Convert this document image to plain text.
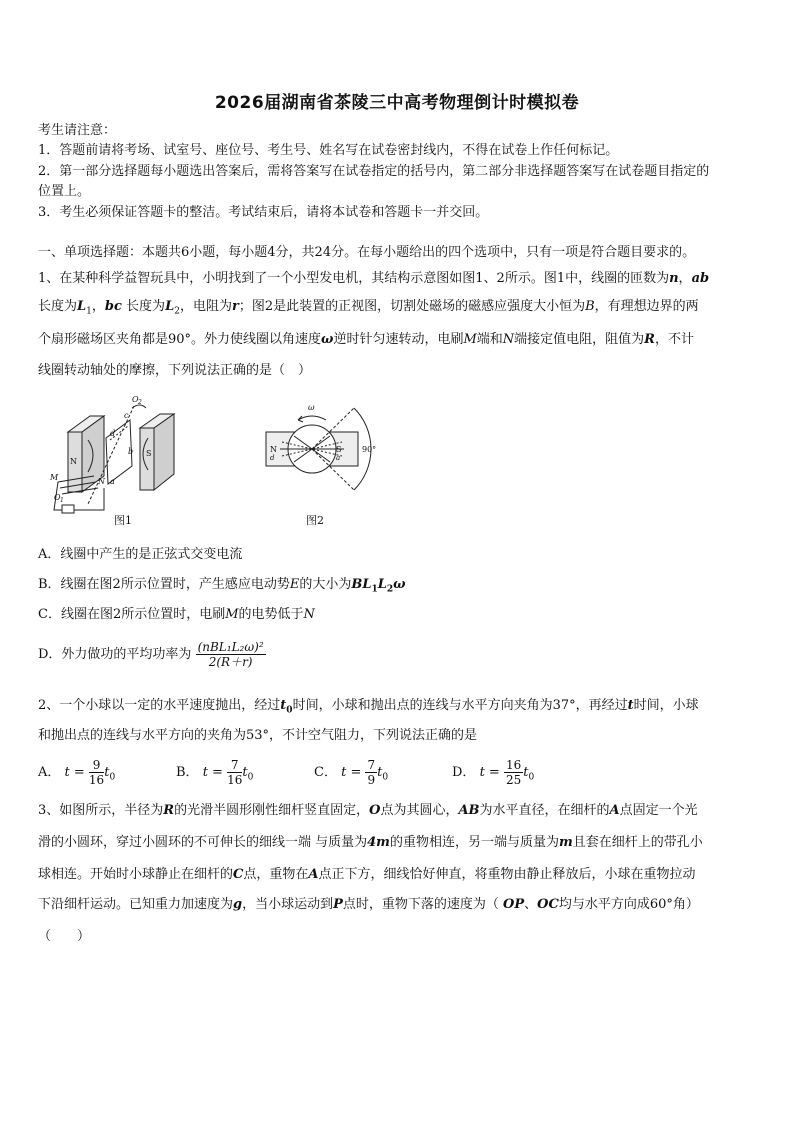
2026届湖南省茶陵三中高考物理倒计时模拟卷
考生请注意：
1．答题前请将考场、试室号、座位号、考生号、姓名写在试卷密封线内，不得在试卷上作任何标记。
2．第一部分选择题每小题选出答案后，需将答案写在试卷指定的括号内，第二部分非选择题答案写在试卷题目指定的
位置上。
3．考生必须保证答题卡的整洁。考试结束后，请将本试卷和答题卡一并交回。
一、单项选择题：本题共6小题，每小题4分，共24分。在每小题给出的四个选项中，只有一项是符合题目要求的。
1、在某种科学益智玩具中，小明找到了一个小型发电机，其结构示意图如图1、2所示。图1中，线圈的匝数为n，ab
长度为$L_1$，bc 长度为$L_2$，电阻为r；图2是此装置的正视图，切割处磁场的磁感应强度大小恒为B，有理想边界的两
个扇形磁场区夹角都是90°。外力使线圈以角速度ω逆时针匀速转动，电刷M端和N端接定值电阻，阻值为R，不计
线圈转动轴处的摩擦，下列说法正确的是（　）
O 2
N
S
c
d
b
a
M	N
O 1
图1
N
d
S
a
90°
ω
图2
A．线圈中产生的是正弦式交变电流
B．线圈在图2所示位置时，产生感应电动势E的大小为$BL_1L_2\omega$
C．线圈在图2所示位置时，电刷M的电势低于N
D．外力做功的平均功率为 $\frac{\text{(nBL₁L₂ω)²}}{2(R+r)}$
2、一个小球以一定的水平速度抛出，经过$t_0$时间，小球和抛出点的连线与水平方向夹角为37°，再经过t时间，小球
和抛出点的连线与水平方向的夹角为53°，不计空气阻力，下列说法正确的是
A． $t = \frac{9}{16} t_0$	B． $t = \frac{7}{16} t_0$	C． $t = \frac{7}{9} t_0$	D． $t = \frac{16}{25} t_0$
3、如图所示，半径为R的光滑半圆形刚性细杆竖直固定，O点为其圆心，AB为水平直径，在细杆的A点固定一个光
滑的小圆环，穿过小圆环的不可伸长的细线一端 与质量为4m的重物相连，另一端与质量为m且套在细杆上的带孔小
球相连。开始时小球静止在细杆的C点，重物在A点正下方，细线恰好伸直，将重物由静止释放后，小球在重物拉动
下沿细杆运动。已知重力加速度为g，当小球运动到P点时，重物下落的速度为（ OP、OC均与水平方向成60°角）
（　　）
